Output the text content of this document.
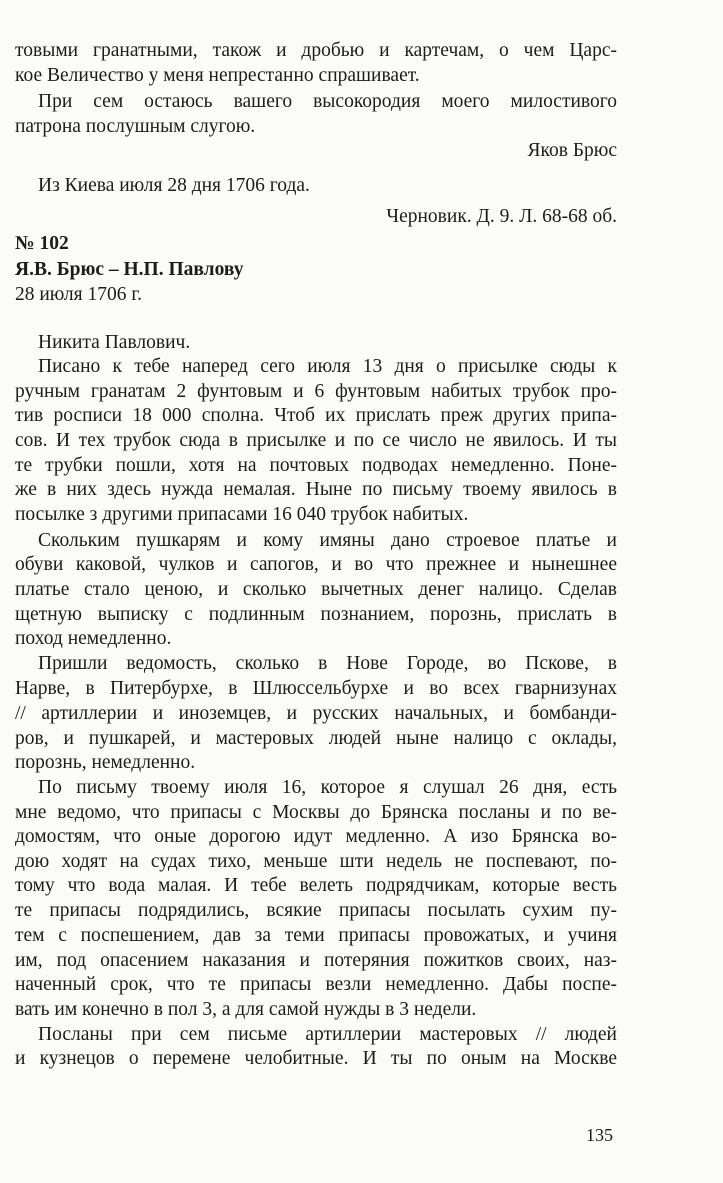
товыми гранатными, також и дробью и картечам, о чем Царс-
кое Величество у меня непрестанно спрашивает.
При сем остаюсь вашего высокородия моего милостивого
патрона послушным слугою.
Яков Брюс
Из Киева июля 28 дня 1706 года.
Черновик. Д. 9. Л. 68-68 об.
№ 102
Я.В. Брюс – Н.П. Павлову
28 июля 1706 г.
Никита Павлович.
Писано к тебе наперед сего июля 13 дня о присылке сюды к
ручным гранатам 2 фунтовым и 6 фунтовым набитых трубок про-
тив росписи 18 000 сполна. Чтоб их прислать преж других припа-
сов. И тех трубок сюда в присылке и по се число не явилось. И ты
те трубки пошли, хотя на почтовых подводах немедленно. Поне-
же в них здесь нужда немалая. Ныне по письму твоему явилось в
посылке з другими припасами 16 040 трубок набитых.
Скольким пушкарям и кому имяны дано строевое платье и
обуви каковой, чулков и сапогов, и во что прежнее и нынешнее
платье стало ценою, и сколько вычетных денег налицо. Сделав
щетную выписку с подлинным познанием, порознь, прислать в
поход немедленно.
Пришли ведомость, сколько в Нове Городе, во Пскове, в
Нарве, в Питербурхе, в Шлюссельбурхе и во всех гварнизунах
// артиллерии и иноземцев, и русских начальных, и бомбанди-
ров, и пушкарей, и мастеровых людей ныне налицо с оклады,
порознь, немедленно.
По письму твоему июля 16, которое я слушал 26 дня, есть
мне ведомо, что припасы с Москвы до Брянска посланы и по ве-
домостям, что оные дорогою идут медленно. А изо Брянска во-
дою ходят на судах тихо, меньше шти недель не поспевают, по-
тому что вода малая. И тебе велеть подрядчикам, которые весть
те припасы подрядились, всякие припасы посылать сухим пу-
тем с поспешением, дав за теми припасы провожатых, и учиня
им, под опасением наказания и потеряния пожитков своих, наз-
наченный срок, что те припасы везли немедленно. Дабы поспе-
вать им конечно в пол 3, а для самой нужды в 3 недели.
Посланы при сем письме артиллерии мастеровых // людей
и кузнецов о перемене челобитные. И ты по оным на Москве
135
